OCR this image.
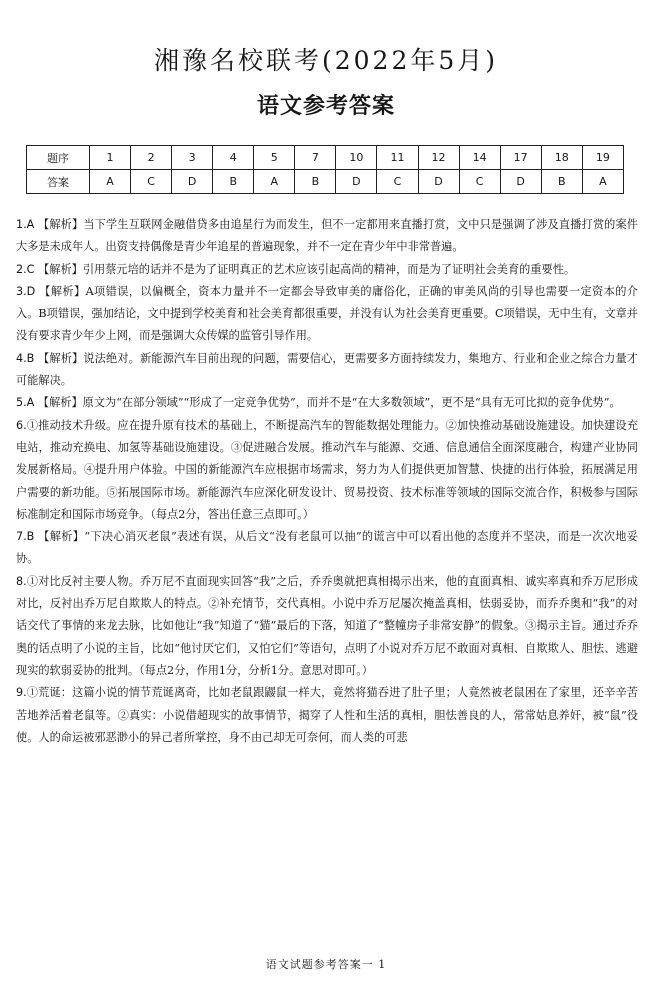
湘豫名校联考(2022年5月)
语文参考答案
题序	1	2	3	4	5	7	10	11	12	14	17	18	19
答案	A	C	D	B	A	B	D	C	D	C	D	B	A

1.A 【解析】当下学生互联网金融借贷多由追星行为而发生，但不一定都用来直播打赏，文中只是强调了涉及直播打赏的案件大多是未成年人。出资支持偶像是青少年追星的普遍现象，并不一定在青少年中非常普遍。

2.C 【解析】引用蔡元培的话并不是为了证明真正的艺术应该引起高尚的精神，而是为了证明社会美育的重要性。

3.D 【解析】A项错误，以偏概全，资本力量并不一定都会导致审美的庸俗化，正确的审美风尚的引导也需要一定资本的介入。B项错误，强加结论，文中提到学校美育和社会美育都很重要，并没有认为社会美育更重要。C项错误，无中生有，文章并没有要求青少年少上网，而是强调大众传媒的监管引导作用。

4.B 【解析】说法绝对。新能源汽车目前出现的问题，需要信心，更需要多方面持续发力，集地方、行业和企业之综合力量才可能解决。

5.A 【解析】原文为“在部分领域”“形成了一定竞争优势”，而并不是“在大多数领域”，更不是“具有无可比拟的竞争优势”。

6.①推动技术升级。应在提升原有技术的基础上，不断提高汽车的智能数据处理能力。②加快推动基础设施建设。加快建设充电站，推动充换电、加氢等基础设施建设。③促进融合发展。推动汽车与能源、交通、信息通信全面深度融合，构建产业协同发展新格局。④提升用户体验。中国的新能源汽车应根据市场需求，努力为人们提供更加智慧、快捷的出行体验，拓展满足用户需要的新功能。⑤拓展国际市场。新能源汽车应深化研发设计、贸易投资、技术标准等领域的国际交流合作，积极参与国际标准制定和国际市场竞争。（每点2分，答出任意三点即可。）

7.B 【解析】“下决心消灭老鼠”表述有误，从后文“没有老鼠可以抽”的谎言中可以看出他的态度并不坚决，而是一次次地妥协。

8.①对比反衬主要人物。乔万尼不直面现实回答“我”之后，乔乔奥就把真相揭示出来，他的直面真相、诚实率真和乔万尼形成对比，反衬出乔万尼自欺欺人的特点。②补充情节，交代真相。小说中乔万尼屡次掩盖真相，怯弱妥协，而乔乔奥和“我”的对话交代了事情的来龙去脉，比如他让“我”知道了“猫”最后的下落，知道了“整幢房子非常安静”的假象。③揭示主旨。通过乔乔奥的话点明了小说的主旨，比如“他讨厌它们，又怕它们”等语句，点明了小说对乔万尼不敢面对真相、自欺欺人、胆怯、逃避现实的软弱妥协的批判。（每点2分，作用1分，分析1分。意思对即可。）

9.①荒诞：这篇小说的情节荒诞离奇，比如老鼠跟鼹鼠一样大，竟然将猫吞进了肚子里；人竟然被老鼠困在了家里，还辛辛苦苦地养活着老鼠等。②真实：小说借超现实的故事情节，揭穿了人性和生活的真相，胆怯善良的人，常常姑息养奸，被“鼠”役使。人的命运被邪恶渺小的异己者所掌控，身不由己却无可奈何，而人类的可悲

语文试题参考答案一 1
